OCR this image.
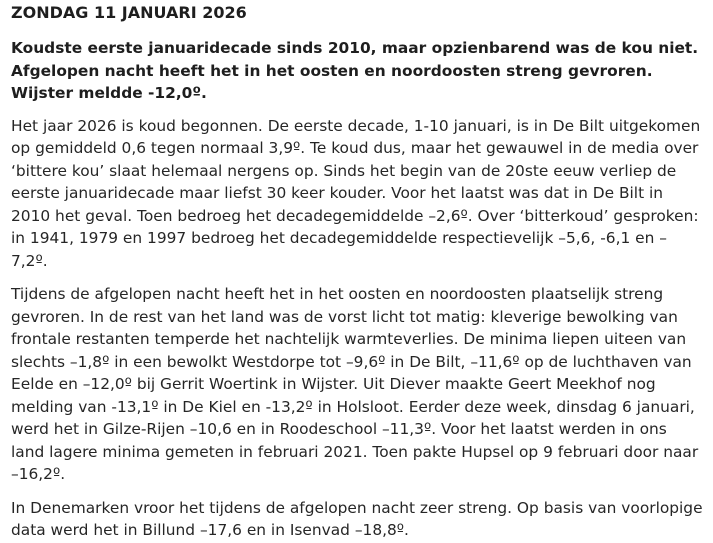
ZONDAG 11 JANUARI 2026

Koudste eerste januaridecade sinds 2010, maar opzienbarend was de kou niet. Afgelopen nacht heeft het in het oosten en noordoosten streng gevroren. Wijster meldde -12,0º.

Het jaar 2026 is koud begonnen. De eerste decade, 1-10 januari, is in De Bilt uitgekomen op gemiddeld 0,6 tegen normaal 3,9º. Te koud dus, maar het gewauwel in de media over ‘bittere kou’ slaat helemaal nergens op. Sinds het begin van de 20ste eeuw verliep de eerste januaridecade maar liefst 30 keer kouder. Voor het laatst was dat in De Bilt in 2010 het geval. Toen bedroeg het decadegemiddelde –2,6º. Over ‘bitterkoud’ gesproken: in 1941, 1979 en 1997 bedroeg het decadegemiddelde respectievelijk –5,6, -6,1 en –7,2º.

Tijdens de afgelopen nacht heeft het in het oosten en noordoosten plaatselijk streng gevroren. In de rest van het land was de vorst licht tot matig: kleverige bewolking van frontale restanten temperde het nachtelijk warmteverlies. De minima liepen uiteen van slechts –1,8º in een bewolkt Westdorpe tot –9,6º in De Bilt, –11,6º op de luchthaven van Eelde en –12,0º bij Gerrit Woertink in Wijster. Uit Diever maakte Geert Meekhof nog melding van -13,1º in De Kiel en -13,2º in Holsloot. Eerder deze week, dinsdag 6 januari, werd het in Gilze-Rijen –10,6 en in Roodeschool –11,3º. Voor het laatst werden in ons land lagere minima gemeten in februari 2021. Toen pakte Hupsel op 9 februari door naar –16,2º.

In Denemarken vroor het tijdens de afgelopen nacht zeer streng. Op basis van voorlopige data werd het in Billund –17,6 en in Isenvad –18,8º.
